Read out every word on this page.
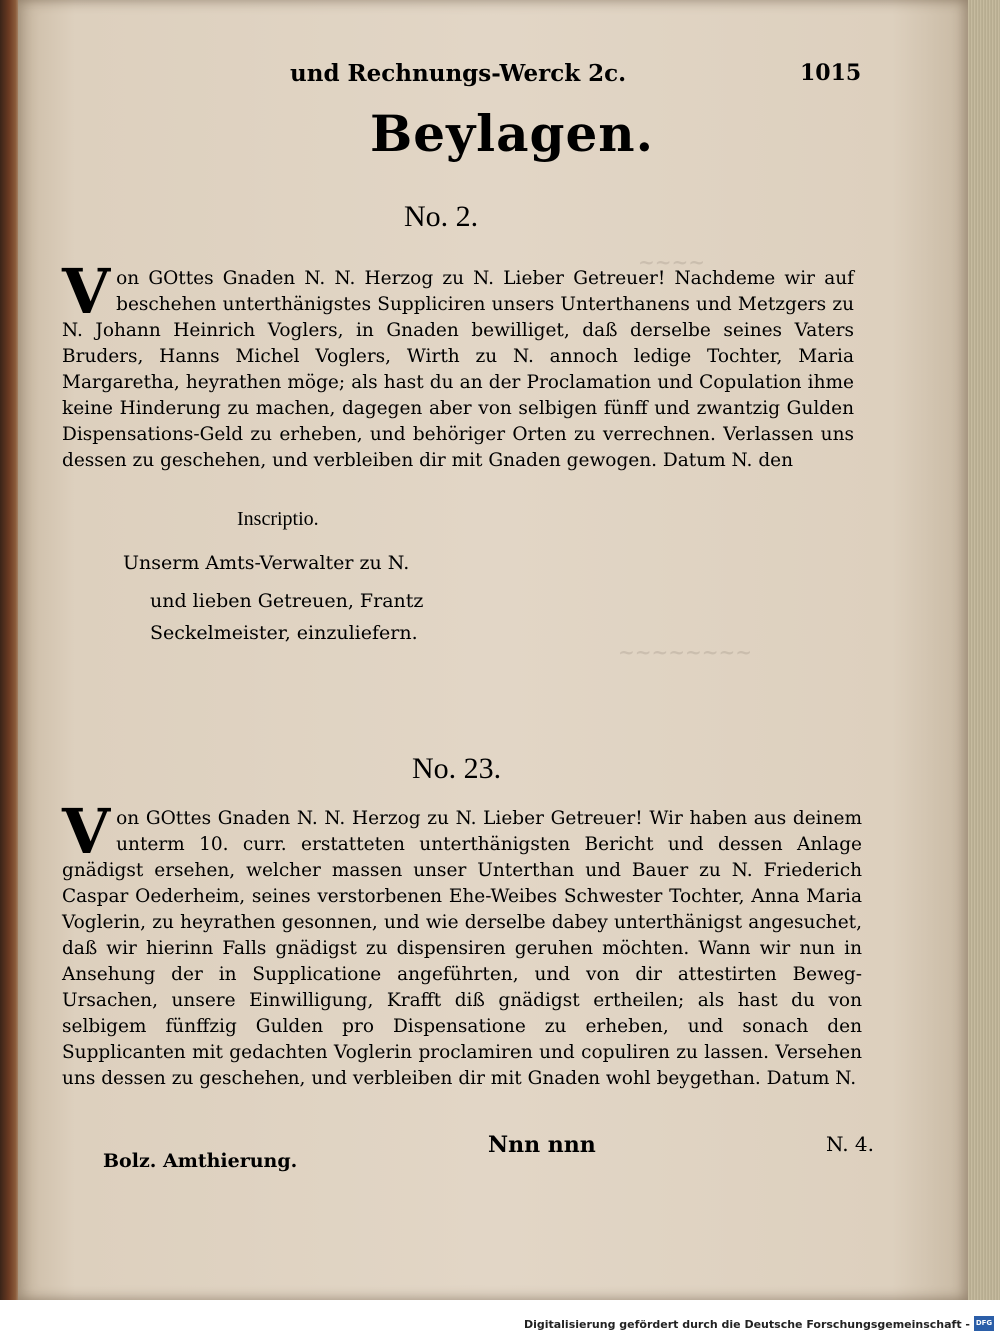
~~~~
~~~~~~~~
und Rechnungs-Werck 2c.	1015
Beylagen.
No. 2.
Von GOttes Gnaden N. N. Herzog zu N. Lieber Getreuer! Nachdeme wir auf beschehen unterthänigstes Suppliciren unsers Unterthanens und Metzgers zu N. Johann Heinrich Voglers, in Gnaden bewilliget, daß derselbe seines Vaters Bruders, Hanns Michel Voglers, Wirth zu N. annoch ledige Tochter, Maria Margaretha, heyrathen möge; als hast du an der Proclamation und Copulation ihme keine Hinderung zu machen, dagegen aber von selbigen fünff und zwantzig Gulden Dispensations-Geld zu erheben, und behöriger Orten zu verrechnen. Verlassen uns dessen zu geschehen, und verbleiben dir mit Gnaden gewogen. Datum N. den
Inscriptio.
Unserm Amts-Verwalter zu N.
und lieben Getreuen, Frantz
Seckelmeister, einzuliefern.
No. 23.
Von GOttes Gnaden N. N. Herzog zu N. Lieber Getreuer! Wir haben aus deinem unterm 10. curr. erstatteten unterthänigsten Bericht und dessen Anlage gnädigst ersehen, welcher massen unser Unterthan und Bauer zu N. Friederich Caspar Oederheim, seines verstorbenen Ehe-Weibes Schwester Tochter, Anna Maria Voglerin, zu heyrathen gesonnen, und wie derselbe dabey unterthänigst angesuchet, daß wir hierinn Falls gnädigst zu dispensiren geruhen möchten. Wann wir nun in Ansehung der in Supplicatione angeführten, und von dir attestirten Beweg-Ursachen, unsere Einwilligung, Krafft diß gnädigst ertheilen; als hast du von selbigem fünffzig Gulden pro Dispensatione zu erheben, und sonach den Supplicanten mit gedachten Voglerin proclamiren und copuliren zu lassen. Versehen uns dessen zu geschehen, und verbleiben dir mit Gnaden wohl beygethan. Datum N.
Bolz. Amthierung.
Nnn nnn	N. 4.
Digitalisierung gefördert durch die Deutsche Forschungsgemeinschaft - DFG
